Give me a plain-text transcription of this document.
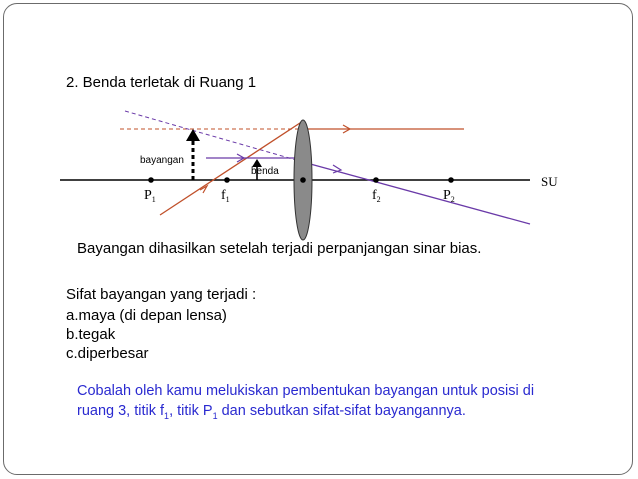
2. Benda terletak di Ruang 1
bayangan
benda
SU
$P_1$	$f_1$	$f_2$	$P_2$
Bayangan dihasilkan setelah terjadi perpanjangan sinar bias.
Sifat bayangan yang terjadi :
a.maya (di depan lensa)
b.tegak
c.diperbesar
Cobalah oleh kamu melukiskan pembentukan bayangan untuk posisi di
ruang 3, titik $f_1$, titik $P_1$ dan sebutkan sifat-sifat bayangannya.
